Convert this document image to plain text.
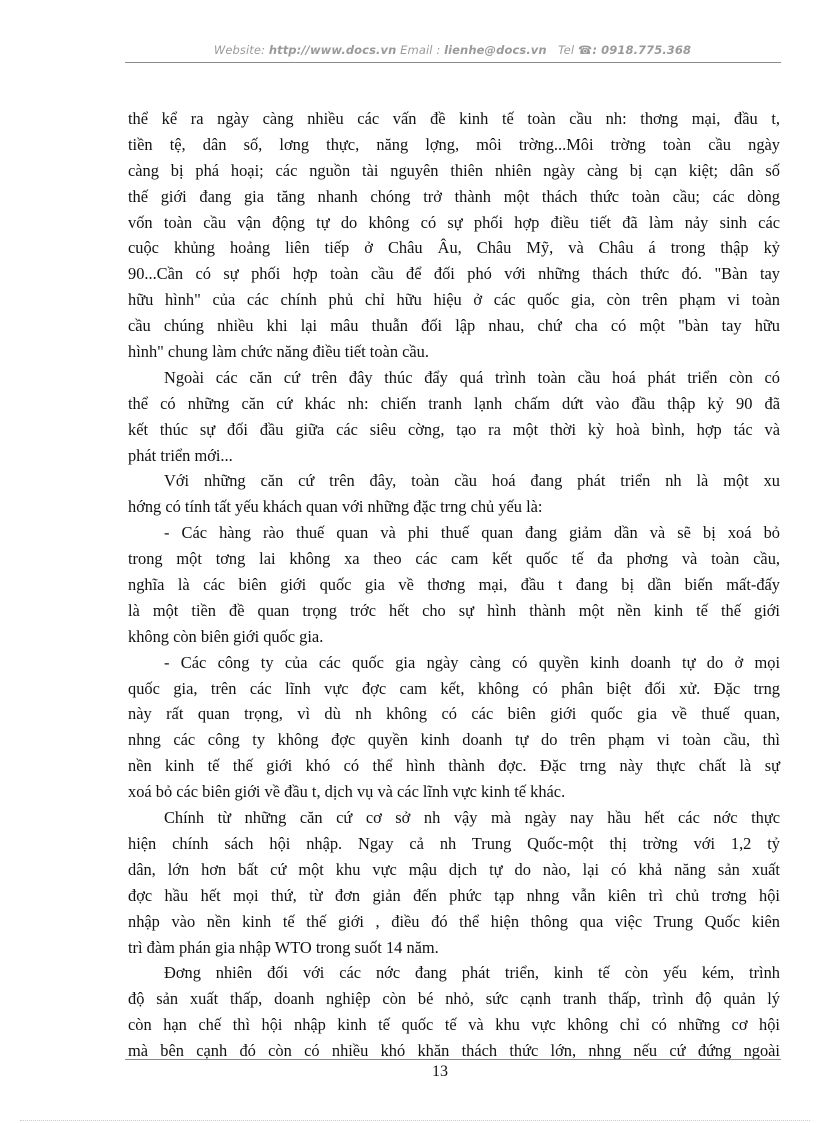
Website: http://www.docs.vn Email : lienhe@docs.vn Tel ☎: 0918.775.368
thể kể ra ngày càng nhiều các vấn đề kinh tế toàn cầu nh: thơng mại, đầu t,
tiền tệ, dân số, lơng thực, năng lợng, môi trờng...Môi trờng toàn cầu ngày
càng bị phá hoại; các nguồn tài nguyên thiên nhiên ngày càng bị cạn kiệt; dân số
thế giới đang gia tăng nhanh chóng trở thành một thách thức toàn cầu; các dòng
vốn toàn cầu vận động tự do không có sự phối hợp điều tiết đã làm nảy sinh các
cuộc khủng hoảng liên tiếp ở Châu Âu, Châu Mỹ, và Châu á trong thập kỷ
90...Cần có sự phối hợp toàn cầu để đối phó với những thách thức đó. "Bàn tay
hữu hình" của các chính phủ chỉ hữu hiệu ở các quốc gia, còn trên phạm vi toàn
cầu chúng nhiều khi lại mâu thuẫn đối lập nhau, chứ cha có một "bàn tay hữu
hình" chung làm chức năng điều tiết toàn cầu.
Ngoài các căn cứ trên đây thúc đẩy quá trình toàn cầu hoá phát triển còn có
thể có những căn cứ khác nh: chiến tranh lạnh chấm dứt vào đầu thập kỷ 90 đã
kết thúc sự đối đầu giữa các siêu cờng, tạo ra một thời kỳ hoà bình, hợp tác và
phát triển mới...
Với những căn cứ trên đây, toàn cầu hoá đang phát triển nh là một xu
hớng có tính tất yếu khách quan với những đặc trng chủ yếu là:
- Các hàng rào thuế quan và phi thuế quan đang giảm dần và sẽ bị xoá bỏ
trong một tơng lai không xa theo các cam kết quốc tế đa phơng và toàn cầu,
nghĩa là các biên giới quốc gia về thơng mại, đầu t đang bị dần biến mất-đấy
là một tiền đề quan trọng trớc hết cho sự hình thành một nền kinh tế thế giới
không còn biên giới quốc gia.
- Các công ty của các quốc gia ngày càng có quyền kinh doanh tự do ở mọi
quốc gia, trên các lĩnh vực đợc cam kết, không có phân biệt đối xử. Đặc trng
này rất quan trọng, vì dù nh không có các biên giới quốc gia về thuế quan,
nhng các công ty không đợc quyền kinh doanh tự do trên phạm vi toàn cầu, thì
nền kinh tế thế giới khó có thể hình thành đợc. Đặc trng này thực chất là sự
xoá bỏ các biên giới về đầu t, dịch vụ và các lĩnh vực kinh tế khác.
Chính từ những căn cứ cơ sở nh vậy mà ngày nay hầu hết các nớc thực
hiện chính sách hội nhập. Ngay cả nh Trung Quốc-một thị trờng với 1,2 tỷ
dân, lớn hơn bất cứ một khu vực mậu dịch tự do nào, lại có khả năng sản xuất
đợc hầu hết mọi thứ, từ đơn giản đến phức tạp nhng vẫn kiên trì chủ trơng hội
nhập vào nền kinh tế thế giới , điều đó thể hiện thông qua việc Trung Quốc kiên
trì đàm phán gia nhập WTO trong suốt 14 năm.
Đơng nhiên đối với các nớc đang phát triển, kinh tế còn yếu kém, trình
độ sản xuất thấp, doanh nghiệp còn bé nhỏ, sức cạnh tranh thấp, trình độ quản lý
còn hạn chế thì hội nhập kinh tế quốc tế và khu vực không chỉ có những cơ hội
mà bên cạnh đó còn có nhiều khó khăn thách thức lớn, nhng nếu cứ đứng ngoài
13
